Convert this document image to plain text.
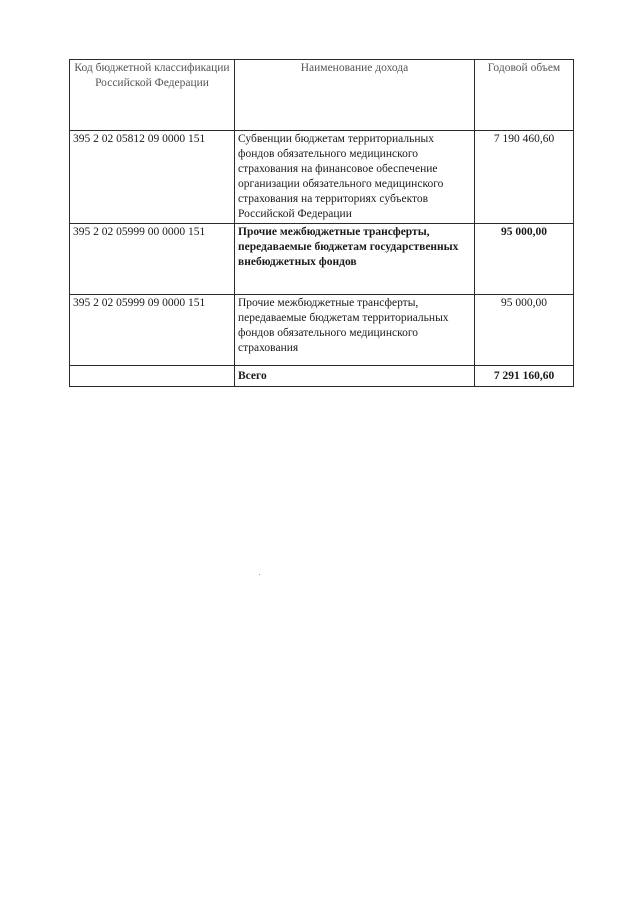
Код бюджетной классификации Российской Федерации	Наименование дохода	Годовой объем
395 2 02 05812 09 0000 151	Субвенции бюджетам территориальных фондов обязательного медицинского страхования на финансовое обеспечение организации обязательного медицинского страхования на территориях субъектов Российской Федерации	7 190 460,60
395 2 02 05999 00 0000 151	Прочие межбюджетные трансферты, передаваемые бюджетам государственных внебюджетных фондов	95 000,00
395 2 02 05999 09 0000 151	Прочие межбюджетные трансферты, передаваемые бюджетам территориальных фондов обязательного медицинского страхования	95 000,00
	Всего	7 291 160,60
